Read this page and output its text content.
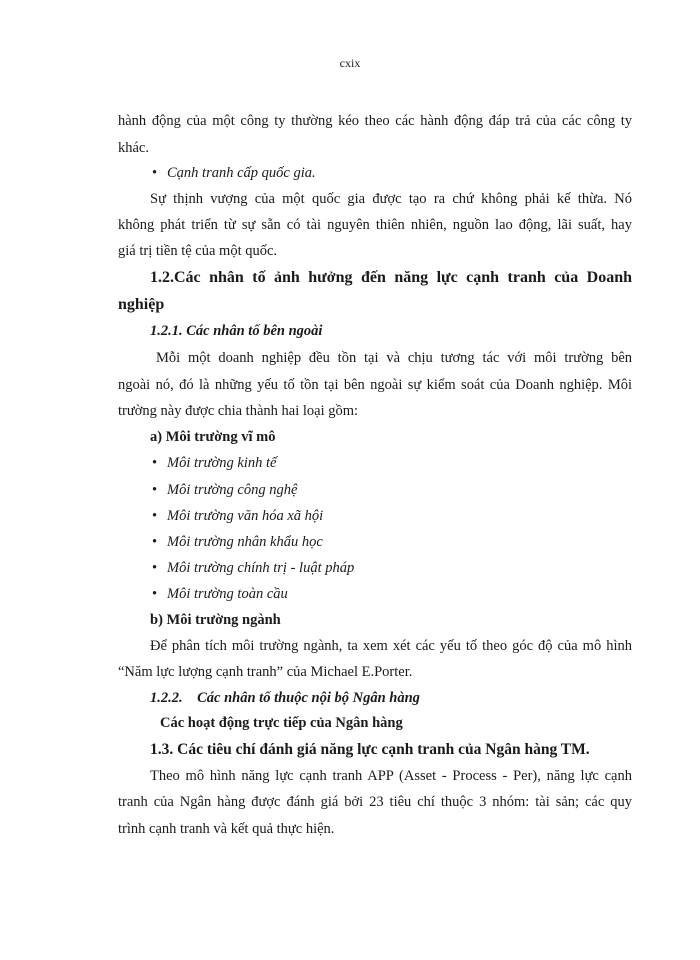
cxix
hành động của một công ty thường kéo theo các hành động đáp trả của các công ty
khác.
• Cạnh tranh cấp quốc gia.
Sự thịnh vượng của một quốc gia được tạo ra chứ không phải kế thừa. Nó
không phát triển từ sự sẵn có tài nguyên thiên nhiên, nguồn lao động, lãi suất, hay
giá trị tiền tệ của một quốc.
1.2.Các nhân tố ảnh hưởng đến năng lực cạnh tranh của Doanh
nghiệp
1.2.1. Các nhân tố bên ngoài
Mỗi một doanh nghiệp đều tồn tại và chịu tương tác với môi trường bên
ngoài nó, đó là những yếu tố tồn tại bên ngoài sự kiểm soát của Doanh nghiệp. Môi
trường này được chia thành hai loại gồm:
a) Môi trường vĩ mô
• Môi trường kinh tế
• Môi trường công nghệ
• Môi trường văn hóa xã hội
• Môi trường nhân khẩu học
• Môi trường chính trị - luật pháp
• Môi trường toàn cầu
b) Môi trường ngành
Để phân tích môi trường ngành, ta xem xét các yếu tố theo góc độ của mô hình
“Năm lực lượng cạnh tranh” của Michael E.Porter.
1.2.2.    Các nhân tố thuộc nội bộ Ngân hàng
Các hoạt động trực tiếp của Ngân hàng
1.3. Các tiêu chí đánh giá năng lực cạnh tranh của Ngân hàng TM.
Theo mô hình năng lực cạnh tranh APP (Asset - Process - Per), năng lực cạnh
tranh của Ngân hàng được đánh giá bởi 23 tiêu chí thuộc 3 nhóm: tài sản; các quy
trình cạnh tranh và kết quả thực hiện.
